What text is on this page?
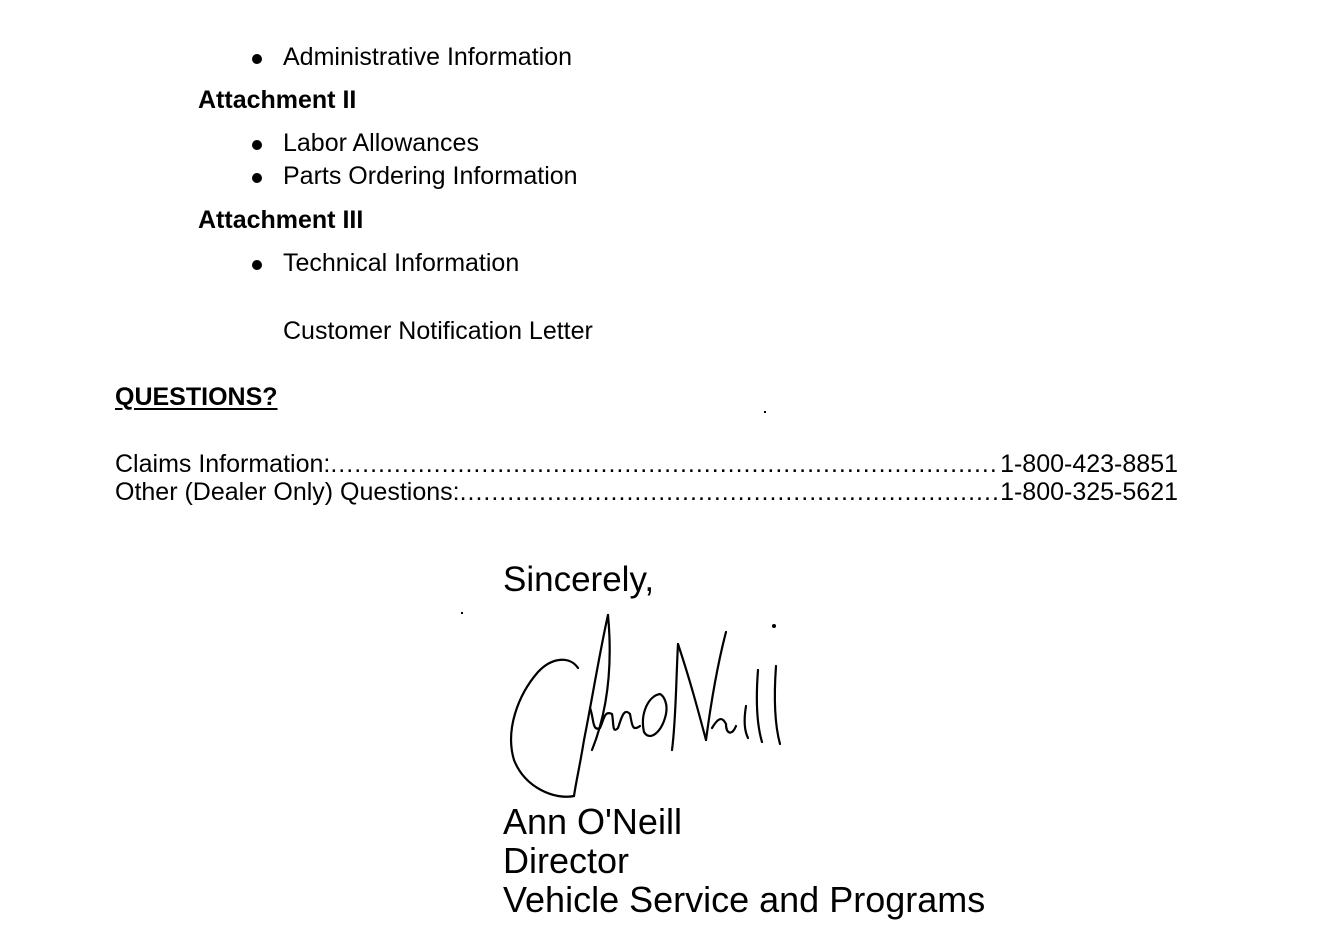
Administrative Information
Attachment II
Labor Allowances
Parts Ordering Information
Attachment III
Technical Information
Customer Notification Letter
QUESTIONS?
Claims Information: .....	1-800-423-8851
Other (Dealer Only) Questions: .....	1-800-325-5621
Sincerely,
Ann O'Neill
Director
Vehicle Service and Programs
